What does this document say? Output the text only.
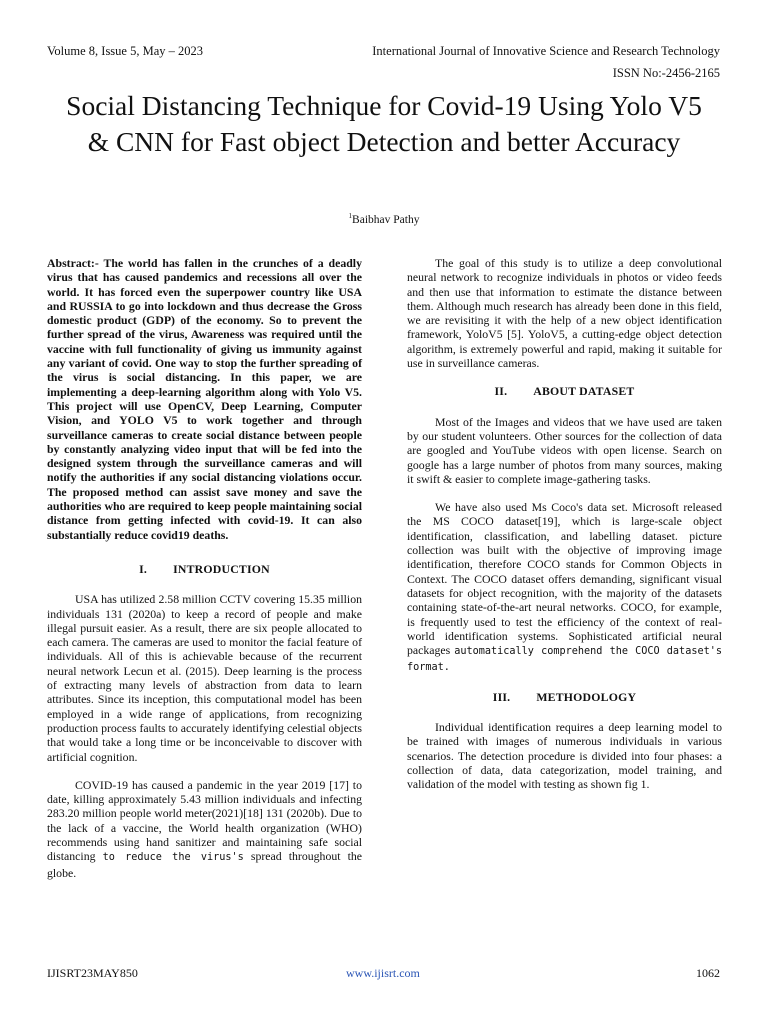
Volume 8, Issue 5, May – 2023	International Journal of Innovative Science and Research Technology
ISSN No:-2456-2165
Social Distancing Technique for Covid-19 Using Yolo V5 & CNN for Fast object Detection and better Accuracy
$^1$Baibhav Pathy

Abstract:- The world has fallen in the crunches of a deadly virus that has caused pandemics and recessions all over the world. It has forced even the superpower country like USA and RUSSIA to go into lockdown and thus decrease the Gross domestic product (GDP) of the economy. So to prevent the further spread of the virus, Awareness was required until the vaccine with full functionality of giving us immunity against any variant of covid. One way to stop the further spreading of the virus is social distancing. In this paper, we are implementing a deep-learning algorithm along with Yolo V5. This project will use OpenCV, Deep Learning, Computer Vision, and YOLO V5 to work together and through surveillance cameras to create social distance between people by constantly analyzing video input that will be fed into the designed system through the surveillance cameras and will notify the authorities if any social distancing violations occur. The proposed method can assist save money and save the authorities who are required to keep people maintaining social distance from getting infected with covid-19. It can also substantially reduce covid19 deaths.

I. INTRODUCTION

USA has utilized 2.58 million CCTV covering 15.35 million individuals 131 (2020a) to keep a record of people and make illegal pursuit easier. As a result, there are six people allocated to each camera. The cameras are used to monitor the facial feature of individuals. All of this is achievable because of the recurrent neural network Lecun et al. (2015). Deep learning is the process of extracting many levels of abstraction from data to learn attributes. Since its inception, this computational model has been employed in a wide range of applications, from recognizing production process faults to accurately identifying celestial objects that would take a long time or be inconceivable to discover with artificial cognition.

COVID-19 has caused a pandemic in the year 2019 [17] to date, killing approximately 5.43 million individuals and infecting 283.20 million people world meter(2021)[18] 131 (2020b). Due to the lack of a vaccine, the World health organization (WHO) recommends using hand sanitizer and maintaining safe social distancing to reduce the virus's spread throughout the globe.

The goal of this study is to utilize a deep convolutional neural network to recognize individuals in photos or video feeds and then use that information to estimate the distance between them. Although much research has already been done in this field, we are revisiting it with the help of a new object identification framework, YoloV5 [5]. YoloV5, a cutting-edge object detection algorithm, is extremely powerful and rapid, making it suitable for use in surveillance cameras.

II. ABOUT DATASET

Most of the Images and videos that we have used are taken by our student volunteers. Other sources for the collection of data are googled and YouTube videos with open license. Search on google has a large number of photos from many sources, making it swift & easier to complete image-gathering tasks.

We have also used Ms Coco's data set. Microsoft released the MS COCO dataset[19], which is large-scale object identification, classification, and labelling dataset. picture collection was built with the objective of improving image identification, therefore COCO stands for Common Objects in Context. The COCO dataset offers demanding, significant visual datasets for object recognition, with the majority of the datasets containing state-of-the-art neural networks. COCO, for example, is frequently used to test the efficiency of the context of real-world identification systems. Sophisticated artificial neural packages automatically comprehend the COCO dataset's format.

III. METHODOLOGY

Individual identification requires a deep learning model to be trained with images of numerous individuals in various scenarios. The detection procedure is divided into four phases: a collection of data, data categorization, model training, and validation of the model with testing as shown fig 1.

IJISRT23MAY850	www.ijisrt.com	1062
